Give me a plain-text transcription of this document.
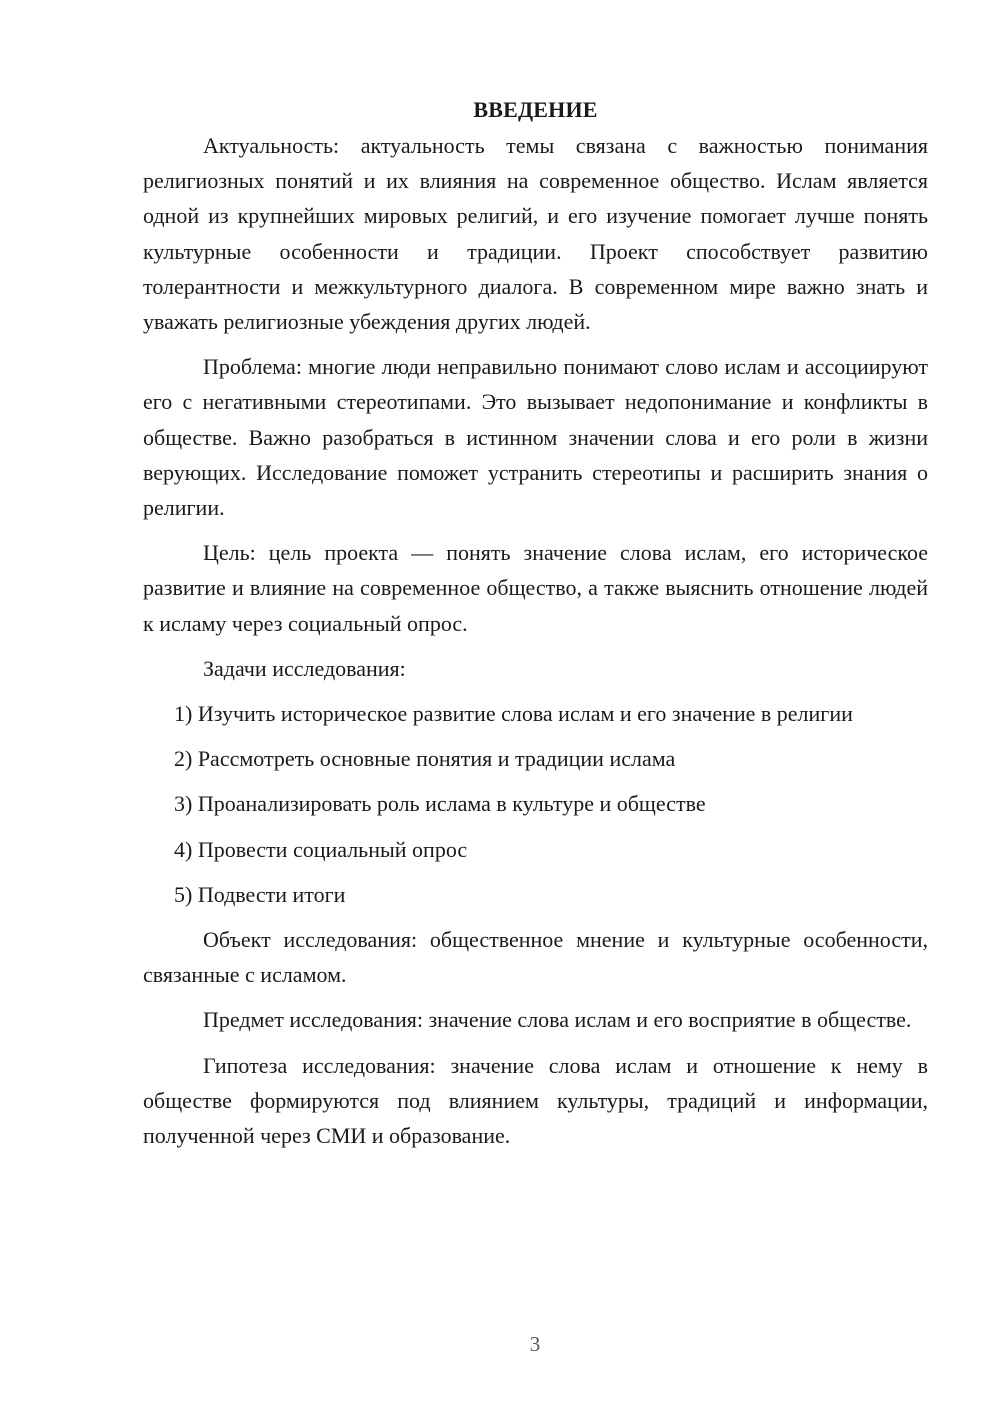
ВВЕДЕНИЕ

Актуальность: актуальность темы связана с важностью понимания религиозных понятий и их влияния на современное общество. Ислам является одной из крупнейших мировых религий, и его изучение помогает лучше понять культурные особенности и традиции. Проект способствует развитию толерантности и межкультурного диалога. В современном мире важно знать и уважать религиозные убеждения других людей.

Проблема: многие люди неправильно понимают слово ислам и ассоциируют его с негативными стереотипами. Это вызывает недопонимание и конфликты в обществе. Важно разобраться в истинном значении слова и его роли в жизни верующих. Исследование поможет устранить стереотипы и расширить знания о религии.

Цель: цель проекта — понять значение слова ислам, его историческое развитие и влияние на современное общество, а также выяснить отношение людей к исламу через социальный опрос.

Задачи исследования:

1) Изучить историческое развитие слова ислам и его значение в религии

2) Рассмотреть основные понятия и традиции ислама

3) Проанализировать роль ислама в культуре и обществе

4) Провести социальный опрос

5) Подвести итоги

Объект исследования: общественное мнение и культурные особенности, связанные с исламом.

Предмет исследования: значение слова ислам и его восприятие в обществе.

Гипотеза исследования: значение слова ислам и отношение к нему в обществе формируются под влиянием культуры, традиций и информации, полученной через СМИ и образование.

3
